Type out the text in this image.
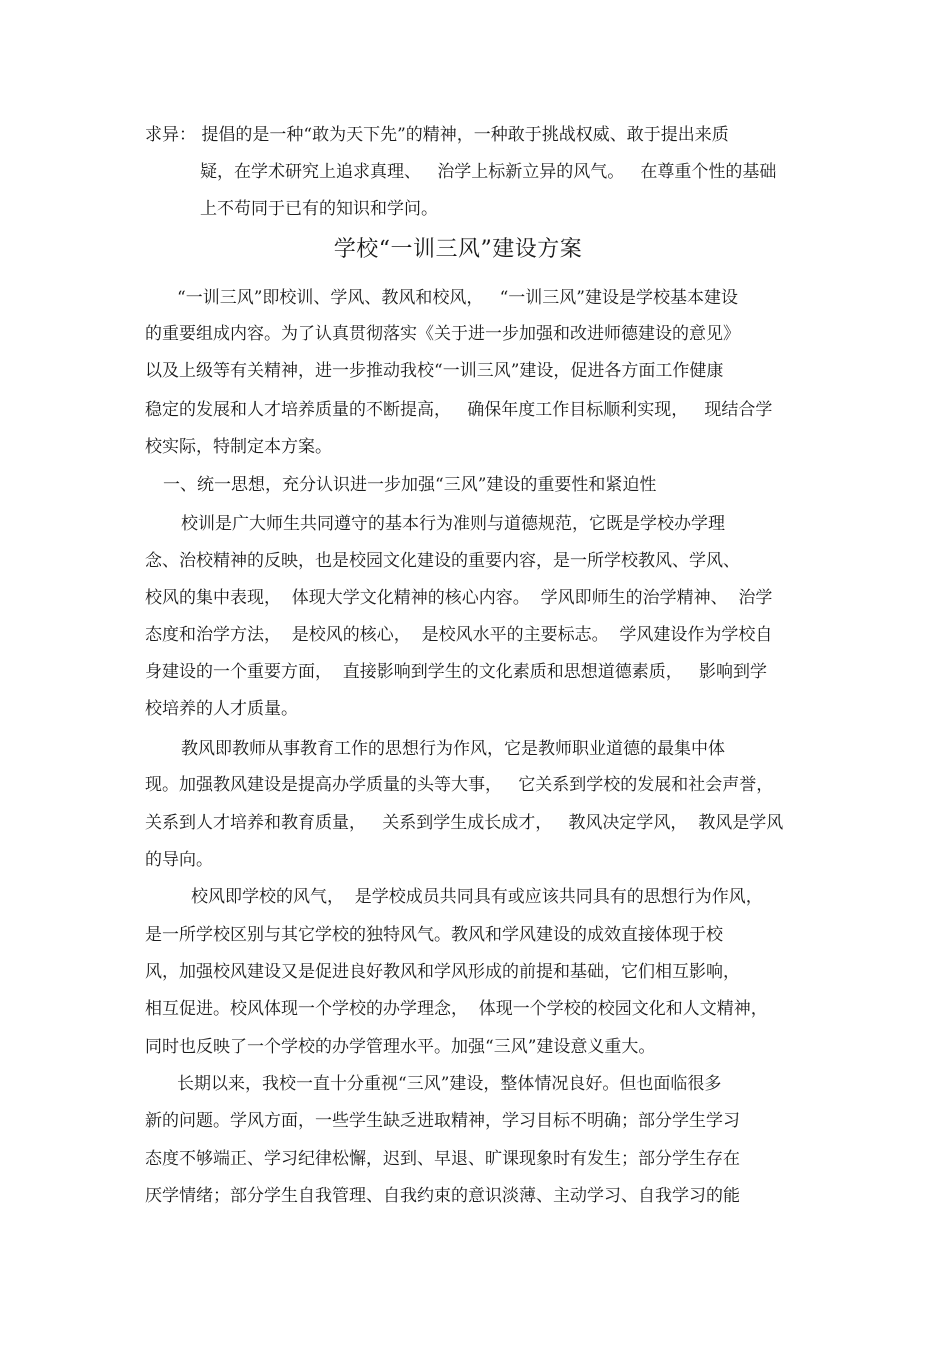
求异： 提倡的是一种“敢为天下先”的精神，一种敢于挑战权威、敢于提出来质
疑，在学术研究上追求真理、   治学上标新立异的风气。   在尊重个性的基础
上不苟同于已有的知识和学问。
学校“一训三风”建设方案
“一训三风”即校训、学风、教风和校风，   “一训三风”建设是学校基本建设
的重要组成内容。为了认真贯彻落实《关于进一步加强和改进师德建设的意见》
以及上级等有关精神，进一步推动我校“一训三风”建设，促进各方面工作健康
稳定的发展和人才培养质量的不断提高，   确保年度工作目标顺利实现，   现结合学
校实际，特制定本方案。
一、统一思想，充分认识进一步加强“三风”建设的重要性和紧迫性
校训是广大师生共同遵守的基本行为准则与道德规范，它既是学校办学理
念、治校精神的反映，也是校园文化建设的重要内容，是一所学校教风、学风、
校风的集中表现，  体现大学文化精神的核心内容。  学风即师生的治学精神、  治学
态度和治学方法，  是校风的核心，  是校风水平的主要标志。  学风建设作为学校自
身建设的一个重要方面，  直接影响到学生的文化素质和思想道德素质，   影响到学
校培养的人才质量。
教风即教师从事教育工作的思想行为作风，它是教师职业道德的最集中体
现。加强教风建设是提高办学质量的头等大事，   它关系到学校的发展和社会声誉，
关系到人才培养和教育质量，   关系到学生成长成才，   教风决定学风，  教风是学风
的导向。
校风即学校的风气，  是学校成员共同具有或应该共同具有的思想行为作风，
是一所学校区别与其它学校的独特风气。教风和学风建设的成效直接体现于校
风，加强校风建设又是促进良好教风和学风形成的前提和基础，它们相互影响，
相互促进。校风体现一个学校的办学理念，  体现一个学校的校园文化和人文精神，
同时也反映了一个学校的办学管理水平。加强“三风”建设意义重大。
长期以来，我校一直十分重视“三风”建设，整体情况良好。但也面临很多
新的问题。学风方面，一些学生缺乏进取精神，学习目标不明确；部分学生学习
态度不够端正、学习纪律松懈，迟到、早退、旷课现象时有发生；部分学生存在
厌学情绪；部分学生自我管理、自我约束的意识淡薄、主动学习、自我学习的能
